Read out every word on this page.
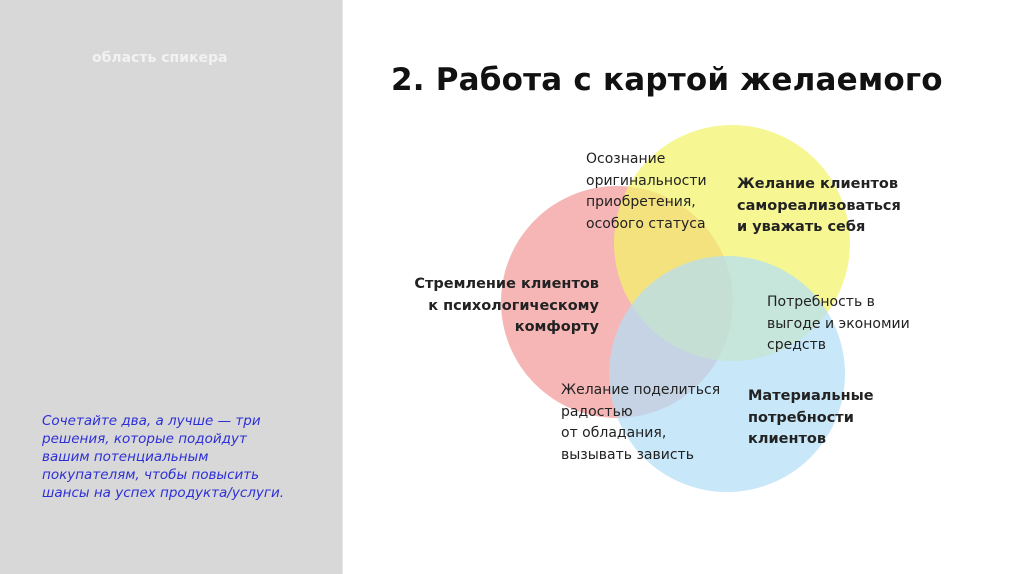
область спикера
Сочетайте два, а лучше — три решения, которые подойдут вашим потенциальным покупателям, чтобы повысить шансы на успех продукта/услуги.
2. Работа с картой желаемого
Осознание
оригинальности
приобретения,
особого статуса
Желание клиентов
самореализоваться
и уважать себя
Стремление клиентов
к психологическому
комфорту
Потребность в
выгоде и экономии
средств
Желание поделиться
радостью
от обладания,
вызывать зависть
Материальные
потребности
клиентов
